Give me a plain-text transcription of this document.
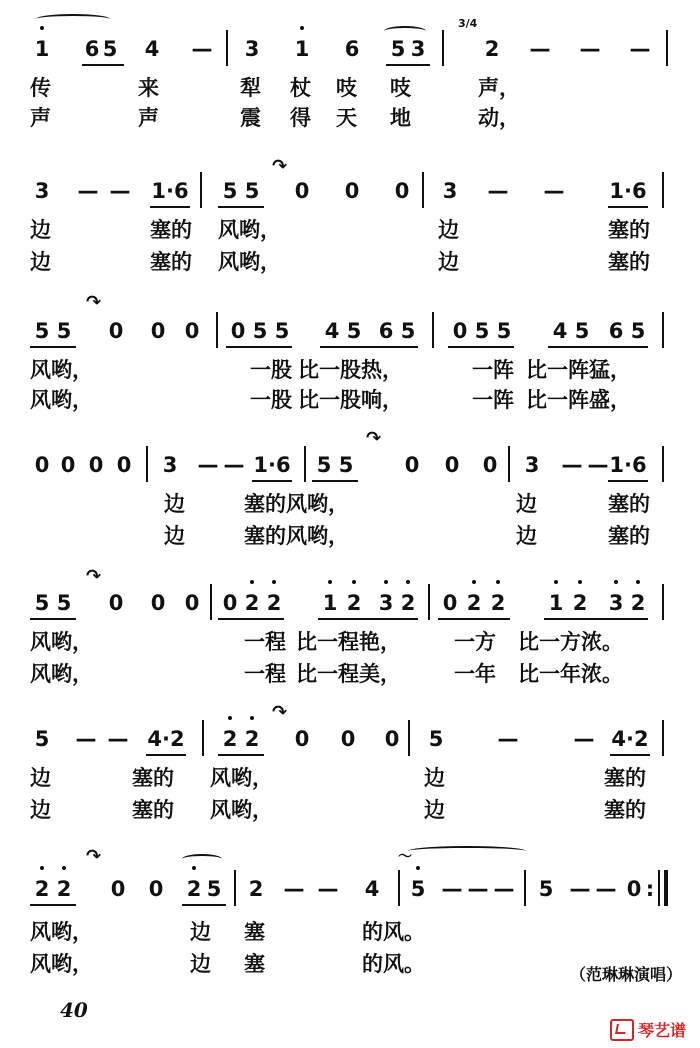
1 6 5 4 — 3 1 6 5 3
3/4
2 — — —
传	来	犁 杖 吱 吱	声，
声	声	震 得 天 地	动，
↷
3 — — 1·6 5 5 0 0 0 3 — — 1·6
边	塞的 风哟，	边	塞的
边	塞的 风哟，	边	塞的
↷
5 5 0 0 0 0 5 5 4 5 6 5 0 5 5 4 5 6 5
风哟，	一股 比一股热，	一阵 比一阵猛，
风哟，	一股 比一股响，	一阵 比一阵盛，
↷
0 0 0 0 3 — — 1·6 5 5 0 0 0 3 — — 1·6
边	塞的风哟，	边	塞的
边	塞的风哟，	边	塞的
↷
5 5 0 0 0 0 2 2 1 2 3 2 0 2 2 1 2 3 2
风哟，	一程 比一程艳，	一方 比一方浓。
风哟，	一程 比一程美，	一年 比一年浓。
↷
5 — — 4·2 2 2 0 0 0 5	—	— 4·2
边	塞的 风哟，	边	塞的
边	塞的 风哟，	边	塞的
↷	～
2 2 0 0 2 5 2 — — 4 5 — — — 5 — — 0 :
风哟，	边 塞	的风。
风哟，	边 塞	的风。	（范琳琳演唱）
40
琴艺谱
